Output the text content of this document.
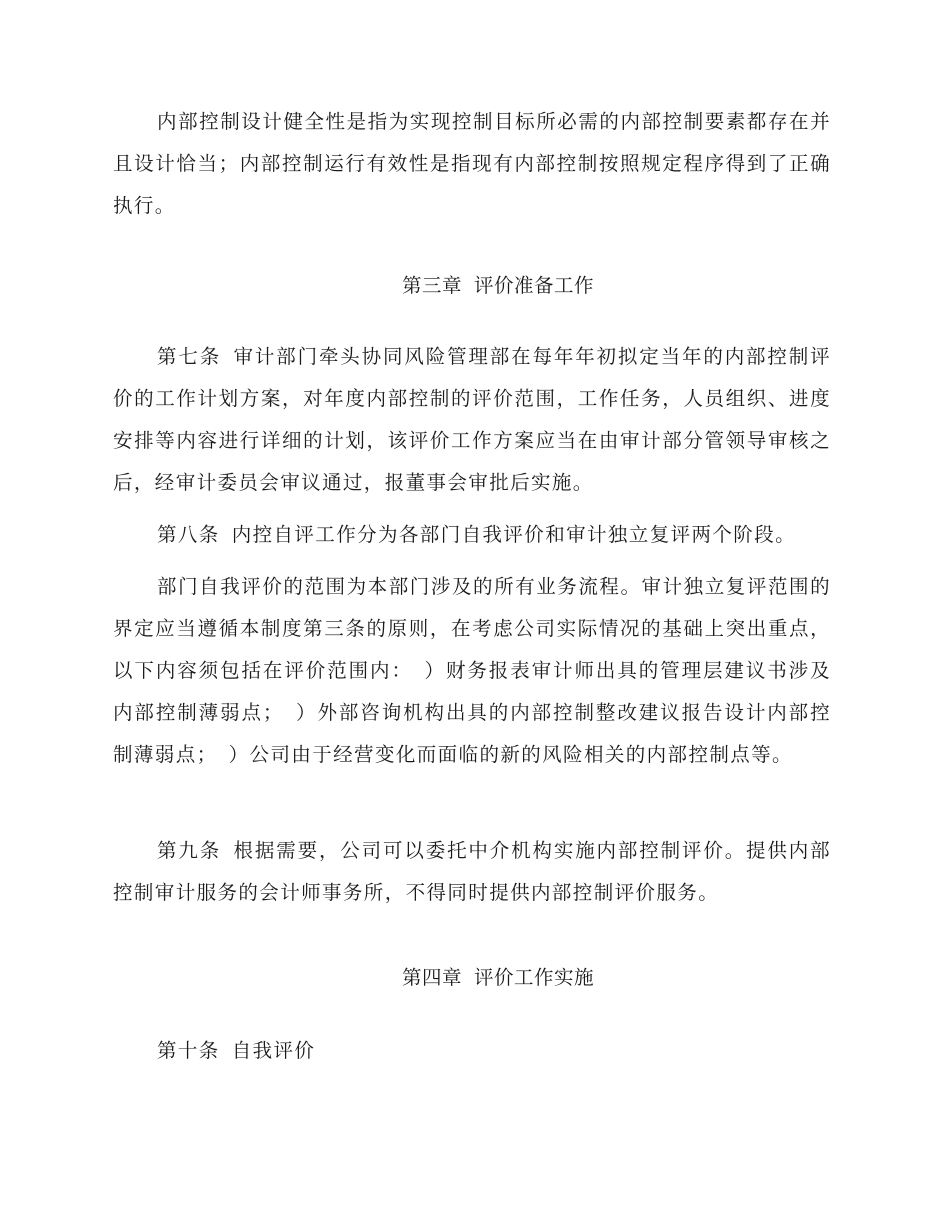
内部控制设计健全性是指为实现控制目标所必需的内部控制要素都存在并且设计恰当；内部控制运行有效性是指现有内部控制按照规定程序得到了正确执行。

第三章 评价准备工作

第七条 审计部门牵头协同风险管理部在每年年初拟定当年的内部控制评价的工作计划方案，对年度内部控制的评价范围，工作任务，人员组织、进度安排等内容进行详细的计划，该评价工作方案应当在由审计部分管领导审核之后，经审计委员会审议通过，报董事会审批后实施。

第八条 内控自评工作分为各部门自我评价和审计独立复评两个阶段。

部门自我评价的范围为本部门涉及的所有业务流程。审计独立复评范围的界定应当遵循本制度第三条的原则，在考虑公司实际情况的基础上突出重点，以下内容须包括在评价范围内：　）财务报表审计师出具的管理层建议书涉及内部控制薄弱点；　）外部咨询机构出具的内部控制整改建议报告设计内部控制薄弱点；　）公司由于经营变化而面临的新的风险相关的内部控制点等。

第九条 根据需要，公司可以委托中介机构实施内部控制评价。提供内部控制审计服务的会计师事务所，不得同时提供内部控制评价服务。

第四章 评价工作实施

第十条 自我评价
